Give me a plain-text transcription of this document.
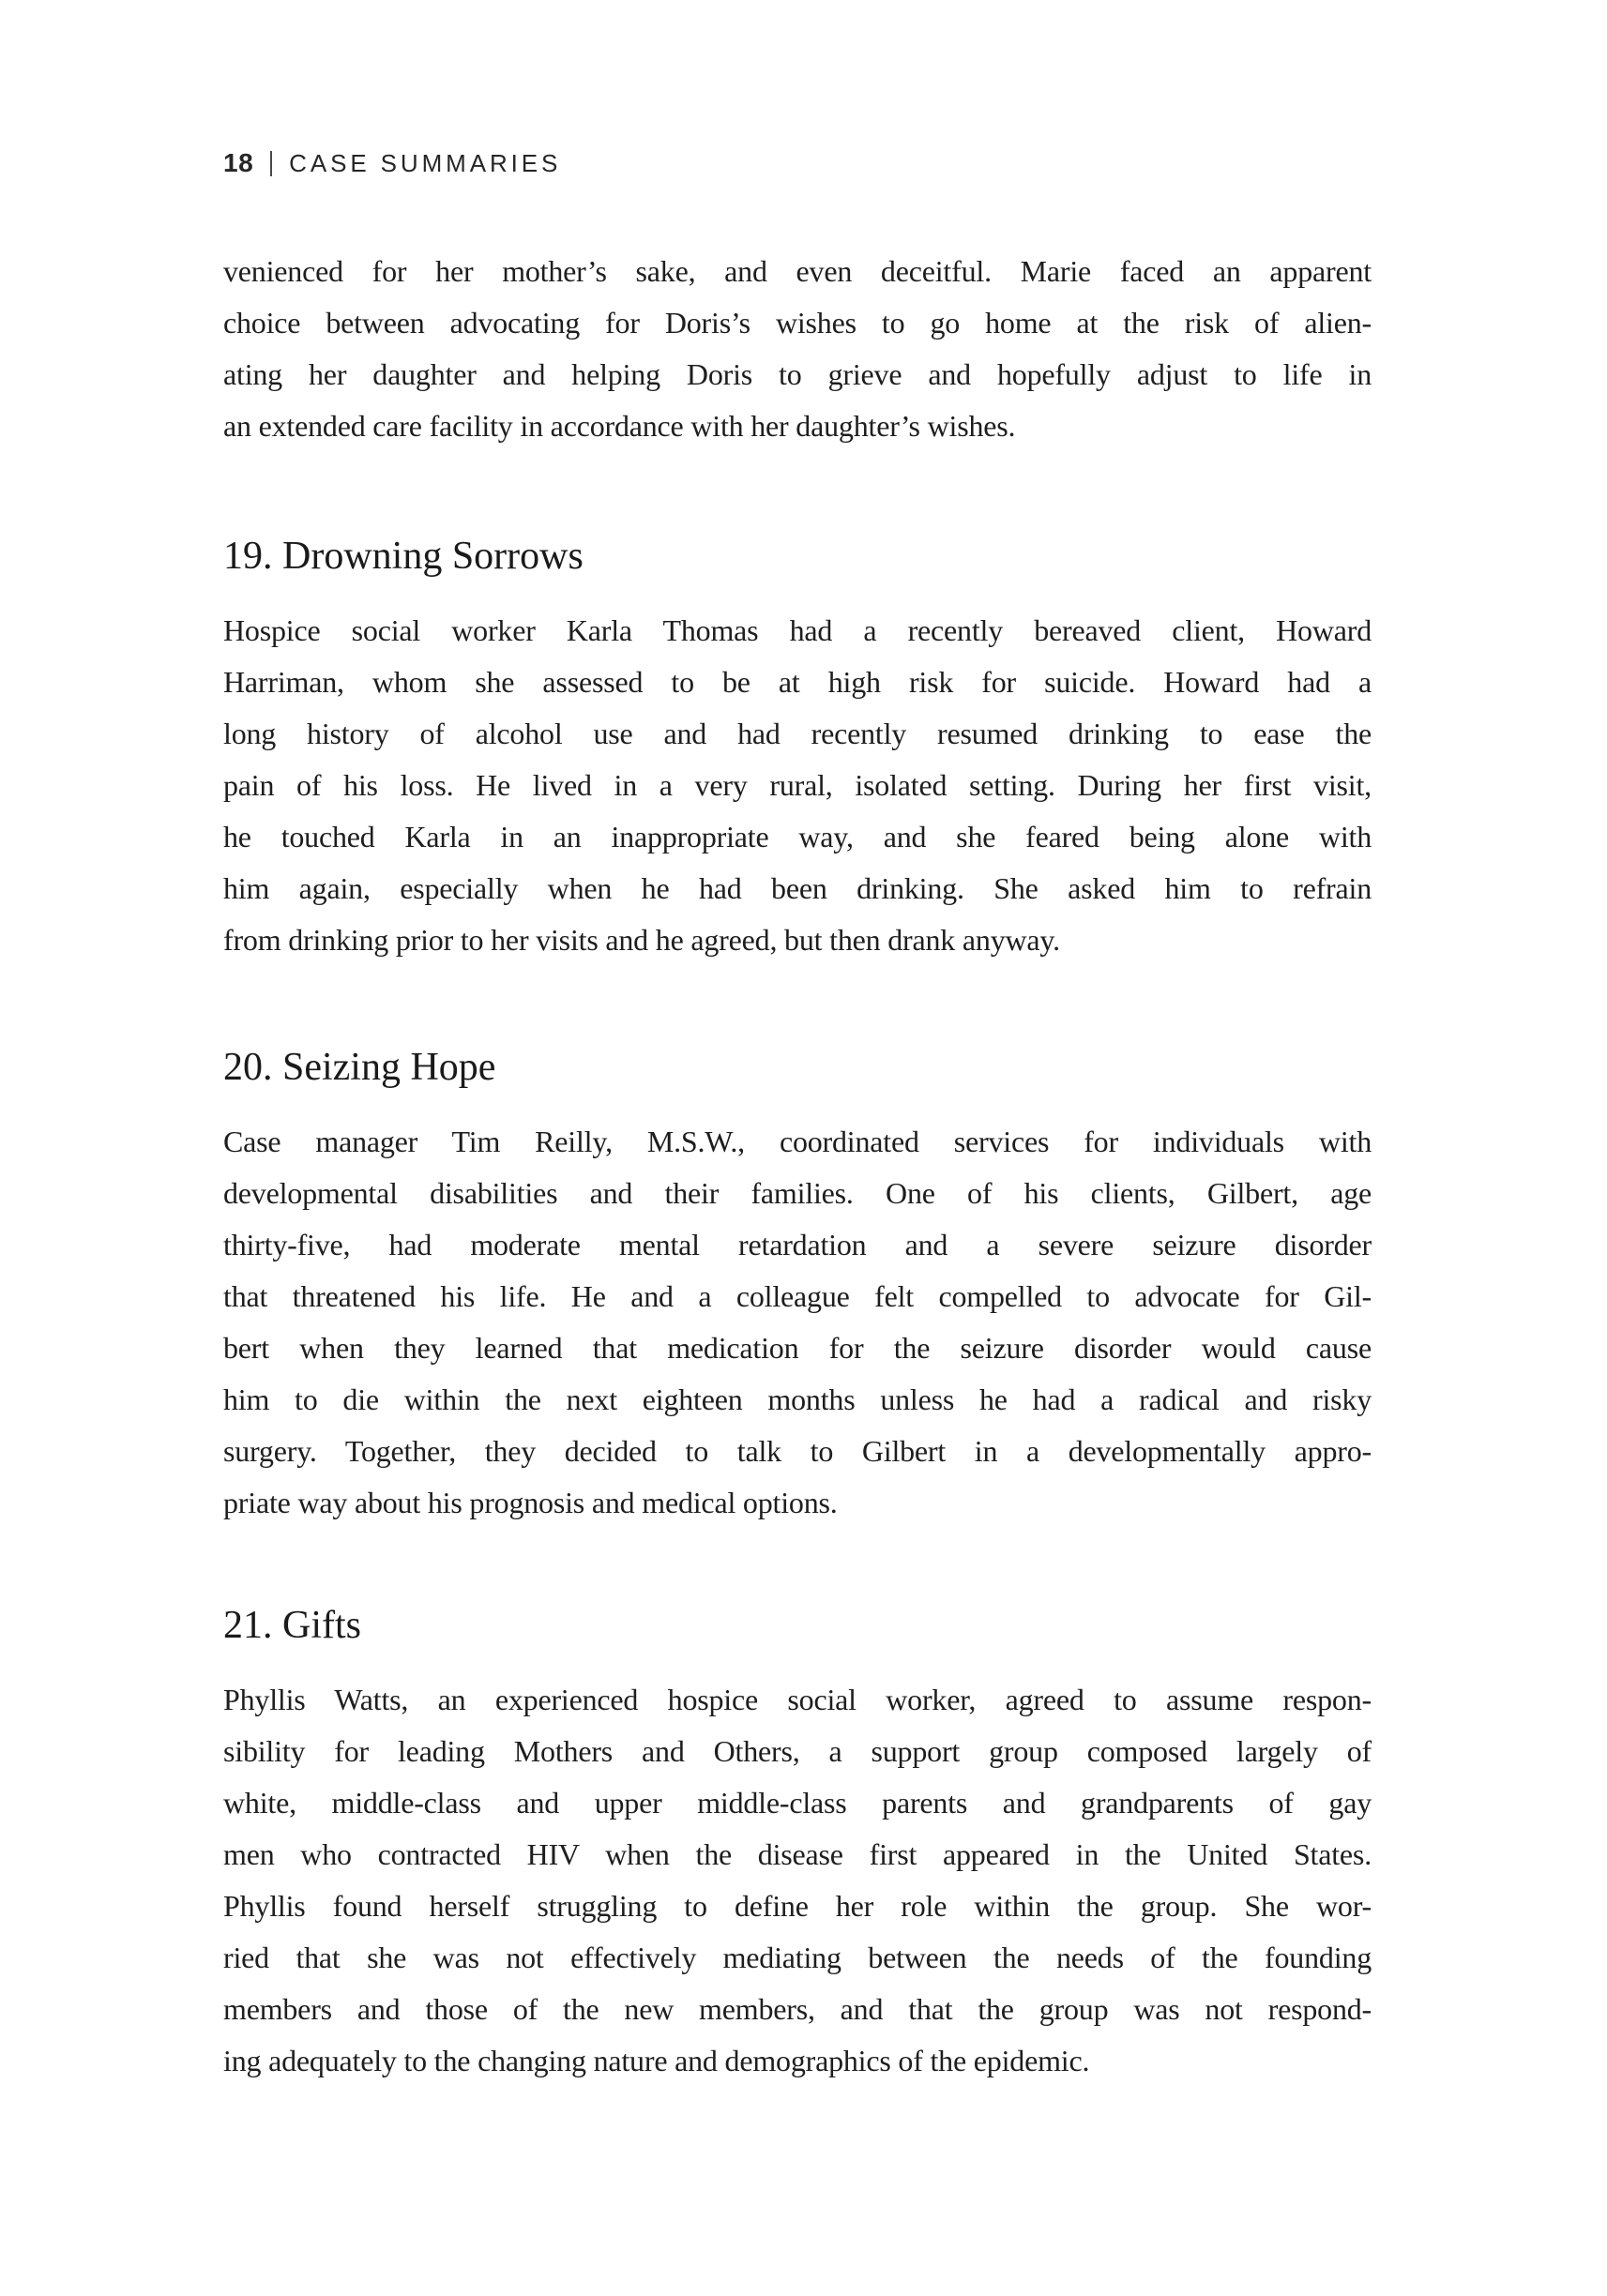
18 CASE SUMMARIES
venienced for her mother’s sake, and even deceitful. Marie faced an apparent
choice between advocating for Doris’s wishes to go home at the risk of alien-
ating her daughter and helping Doris to grieve and hopefully adjust to life in
an extended care facility in accordance with her daughter’s wishes.
19. Drowning Sorrows
Hospice social worker Karla Thomas had a recently bereaved client, Howard
Harriman, whom she assessed to be at high risk for suicide. Howard had a
long history of alcohol use and had recently resumed drinking to ease the
pain of his loss. He lived in a very rural, isolated setting. During her first visit,
he touched Karla in an inappropriate way, and she feared being alone with
him again, especially when he had been drinking. She asked him to refrain
from drinking prior to her visits and he agreed, but then drank anyway.
20. Seizing Hope
Case manager Tim Reilly, M.S.W., coordinated services for individuals with
developmental disabilities and their families. One of his clients, Gilbert, age
thirty-five, had moderate mental retardation and a severe seizure disorder
that threatened his life. He and a colleague felt compelled to advocate for Gil-
bert when they learned that medication for the seizure disorder would cause
him to die within the next eighteen months unless he had a radical and risky
surgery. Together, they decided to talk to Gilbert in a developmentally appro-
priate way about his prognosis and medical options.
21. Gifts
Phyllis Watts, an experienced hospice social worker, agreed to assume respon-
sibility for leading Mothers and Others, a support group composed largely of
white, middle-class and upper middle-class parents and grandparents of gay
men who contracted HIV when the disease first appeared in the United States.
Phyllis found herself struggling to define her role within the group. She wor-
ried that she was not effectively mediating between the needs of the founding
members and those of the new members, and that the group was not respond-
ing adequately to the changing nature and demographics of the epidemic.
